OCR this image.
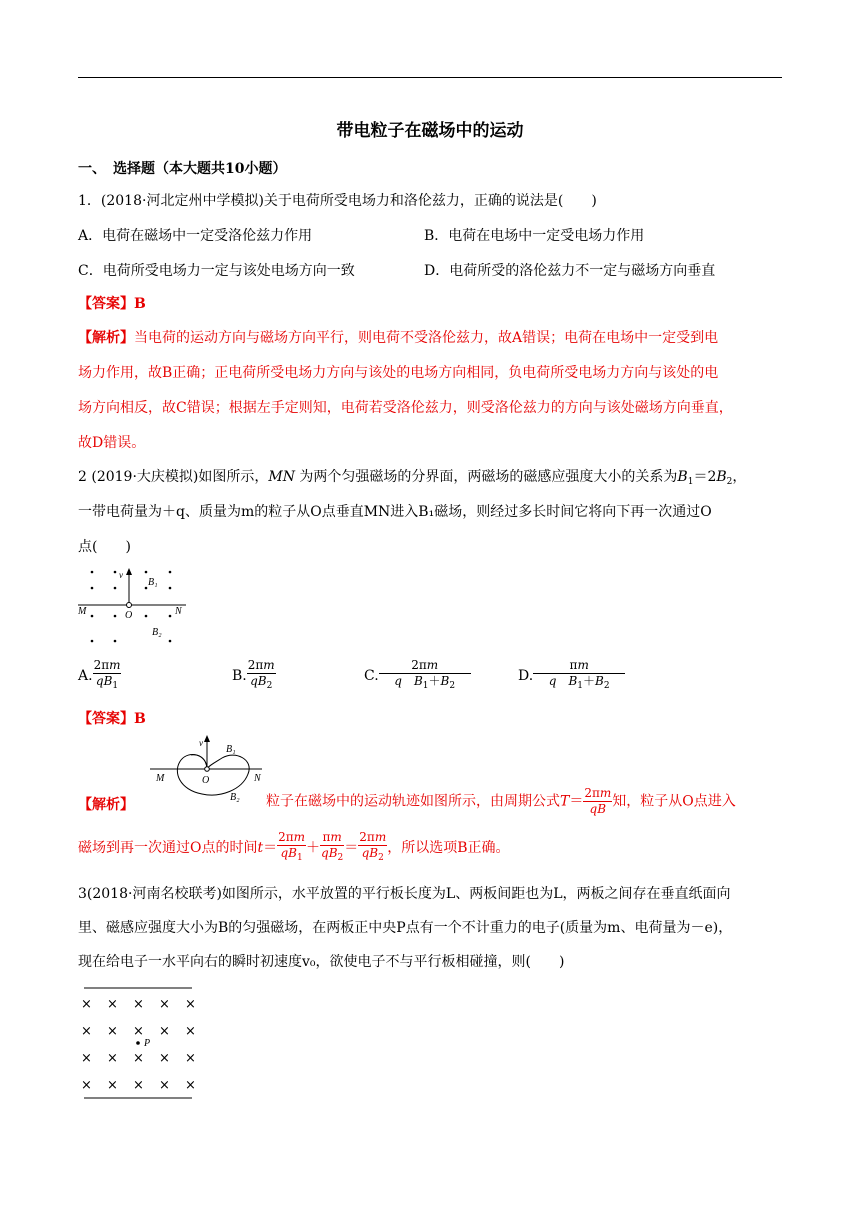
带电粒子在磁场中的运动
一、　选择题（本大题共10小题）
1．(2018·河北定州中学模拟)关于电荷所受电场力和洛伦兹力，正确的说法是(　　)
A．电荷在磁场中一定受洛伦兹力作用	B．电荷在电场中一定受电场力作用
C．电荷所受电场力一定与该处电场方向一致	D．电荷所受的洛伦兹力不一定与磁场方向垂直
【答案】B
【解析】当电荷的运动方向与磁场方向平行，则电荷不受洛伦兹力，故A错误；电荷在电场中一定受到电
场力作用，故B正确；正电荷所受电场力方向与该处的电场方向相同，负电荷所受电场力方向与该处的电
场方向相反，故C错误；根据左手定则知，电荷若受洛伦兹力，则受洛伦兹力的方向与该处磁场方向垂直，
故D错误。
2 (2019·大庆模拟)如图所示，MN 为两个匀强磁场的分界面，两磁场的磁感应强度大小的关系为$B_1=2B_2$，
一带电荷量为＋q、质量为m的粒子从O点垂直MN进入B₁磁场，则经过多长时间它将向下再一次通过O
点(　　)
v
B₁
M	N
O
B₂
A. $\frac{2\pi m}{qB_1}$	B. $\frac{2\pi m}{qB_2}$	C. $\frac{2\pi m}{q B_1+B_2}$	D. $\frac{\pi m}{q B_1+B_2}$
【答案】B
v
B₁
M	N
O
B₂
【解析】	粒子在磁场中的运动轨迹如图所示，由周期公式$T= \frac{2\pi m}{qB}$ 知，粒子从O点进入
磁场到再一次通过O点的时间$t= \frac{2\pi m}{qB_1} + \frac{\pi m}{qB_2} = \frac{2\pi m}{qB_2}$ ，所以选项B正确。
3(2018·河南名校联考)如图所示，水平放置的平行板长度为L、两板间距也为L，两板之间存在垂直纸面向
里、磁感应强度大小为B的匀强磁场，在两板正中央P点有一个不计重力的电子(质量为m、电荷量为－e)，
现在给电子一水平向右的瞬时初速度v₀，欲使电子不与平行板相碰撞，则(　　)
× × × × ×
× × × × ×
× × × × ×
× × × × ×
P
